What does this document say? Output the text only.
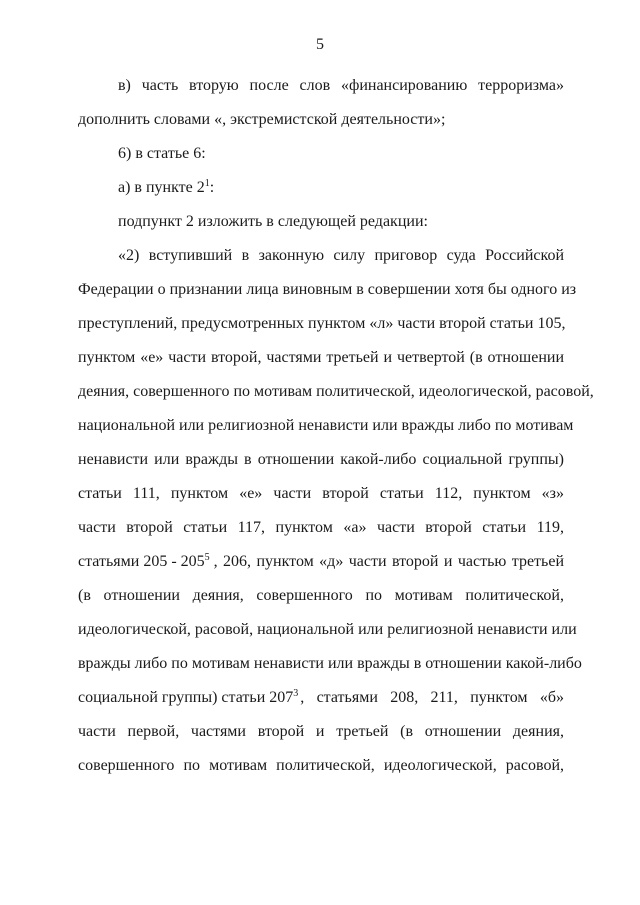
5
в) часть вторую после слов «финансированию терроризма»
дополнить словами «, экстремистской деятельности»;
6) в статье 6:
а) в пункте $2^1$:
подпункт 2 изложить в следующей редакции:
«2) вступивший в законную силу приговор суда Российской
Федерации о признании лица виновным в совершении хотя бы одного из
преступлений, предусмотренных пунктом «л» части второй статьи 105,
пунктом «е» части второй, частями третьей и четвертой (в отношении
деяния, совершенного по мотивам политической, идеологической, расовой,
национальной или религиозной ненависти или вражды либо по мотивам
ненависти или вражды в отношении какой-либо социальной группы)
статьи 111, пунктом «е» части второй статьи 112, пунктом «з»
части второй статьи 117, пунктом «а» части второй статьи 119,
статьями $205 - 205^5$ , 206, пунктом «д» части второй и частью третьей
(в отношении деяния, совершенного по мотивам политической,
идеологической, расовой, национальной или религиозной ненависти или
вражды либо по мотивам ненависти или вражды в отношении какой-либо
социальной группы) статьи $207^3$ , статьями 208, 211, пунктом «б»
части первой, частями второй и третьей (в отношении деяния,
совершенного по мотивам политической, идеологической, расовой,
